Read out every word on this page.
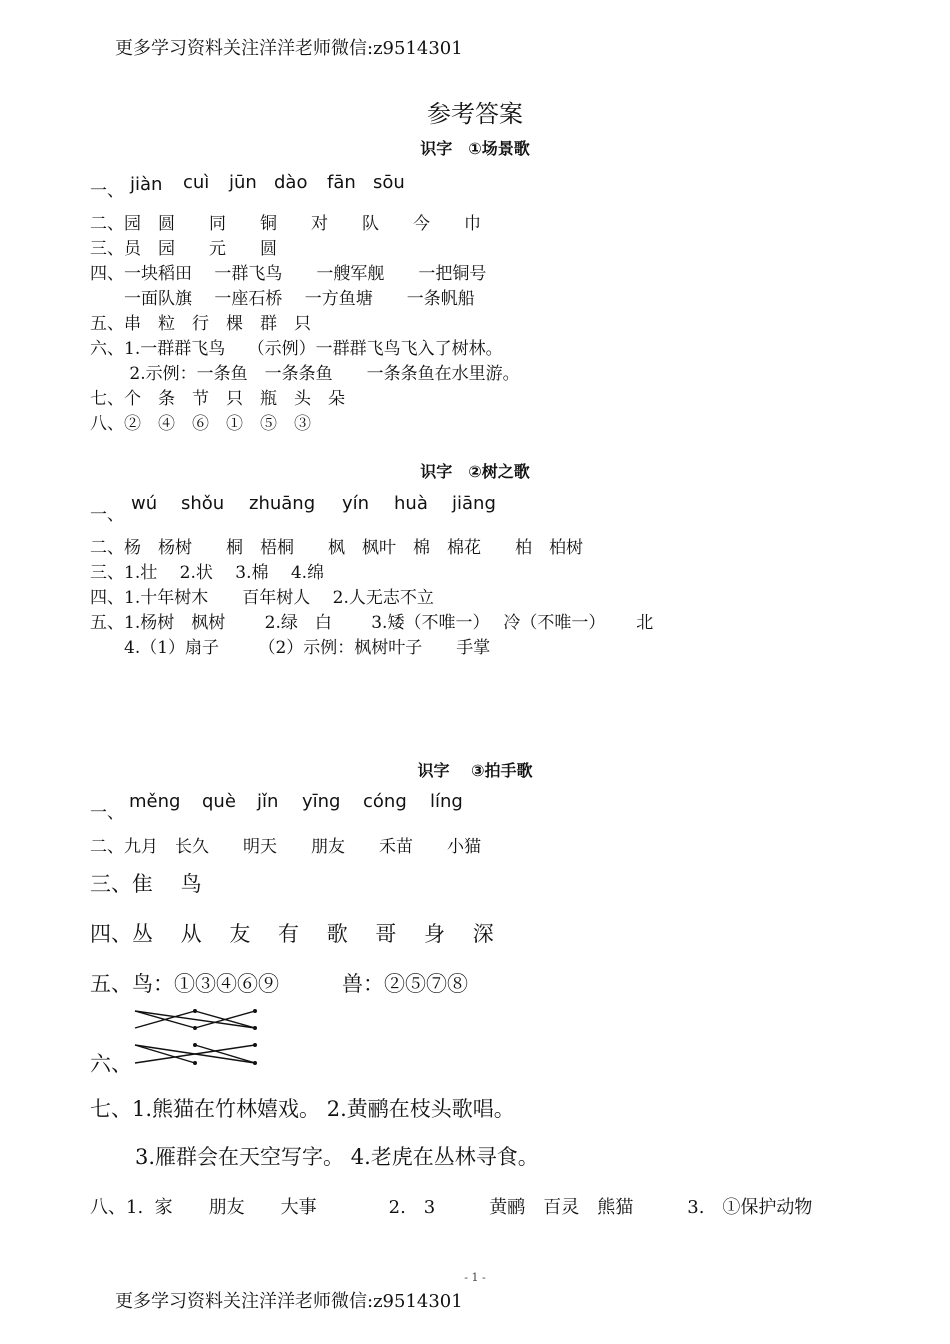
更多学习资料关注洋洋老师微信:z9514301
参考答案
识字　①场景歌
一、 jiàn cuì jūn dào fān sōu
二、园　圆　　同　　铜　　对　　队　　今　　巾
三、员　园　　元　　圆
四、一块稻田　 一群飞鸟　　一艘军舰　　一把铜号
　　一面队旗　 一座石桥　 一方鱼塘　　一条帆船
五、串　粒　行　棵　群　只
六、1.一群群飞鸟　 （示例）一群群飞鸟飞入了树林。
　　 2.示例：一条鱼　一条条鱼　　一条条鱼在水里游。
七、个　条　节　只　瓶　头　朵
八、②　④　⑥　①　⑤　③
识字　②树之歌
一、
wú shǒu zhuāng yín huà jiāng
二、杨　杨树　　桐　梧桐　　枫　枫叶　棉　棉花　　柏　柏树
三、1.壮　 2.状　 3.棉　 4.绵
四、1.十年树木　　百年树人　 2.人无志不立
五、1.杨树　枫树　　 2.绿　白　　 3.矮（不唯一）　 冷（不唯一）　　 北
　　4.（1）扇子　　 （2）示例：枫树叶子　　手掌
识字　 ③拍手歌
一、
měng què jǐn yīng cóng líng
二、九月　长久　　明天　　朋友　　禾苗　　小猫
三、隹　 鸟
四、丛　 从　 友　 有　 歌　 哥　 身　 深
五、鸟：①③④⑥⑨　　　兽：②⑤⑦⑧
六、
七、1.熊猫在竹林嬉戏。 2.黄鹂在枝头歌唱。
3.雁群会在天空写字。 4.老虎在丛林寻食。
八、1.  家　　朋友　　大事　　　　2.　3　　　黄鹂　百灵　熊猫　　　3.　①保护动物
- 1 -
更多学习资料关注洋洋老师微信:z9514301
